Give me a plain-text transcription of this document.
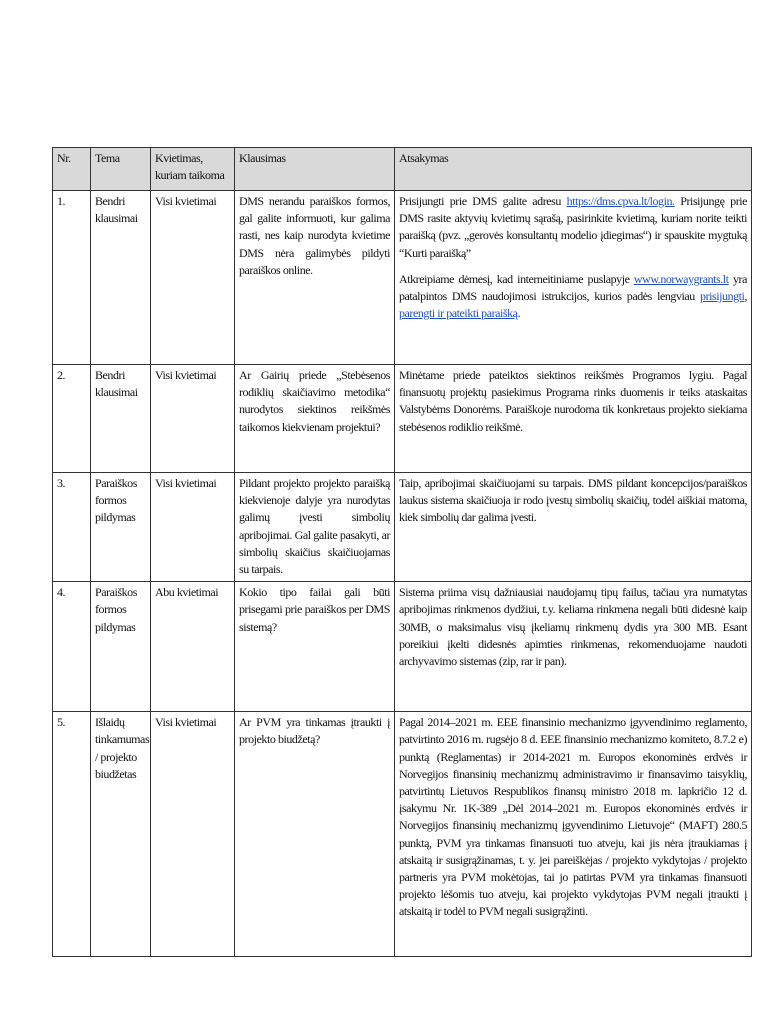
Nr.	Tema	Kvietimas, kuriam taikoma	Klausimas	Atsakymas
1.	Bendri klausimai	Visi kvietimai	DMS nerandu paraiškos formos, gal galite informuoti, kur galima rasti, nes kaip nurodyta kvietime DMS nėra galimybės pildyti paraiškos online.	Prisijungti prie DMS galite adresu https://dms.cpva.lt/login. Prisijungę prie DMS rasite aktyvių kvietimų sąrašą, pasirinkite kvietimą, kuriam norite teikti paraišką (pvz. „gerovės konsultantų modelio įdiegimas“) ir spauskite mygtuką “Kurti paraišką”
Atkreipiame dėmesį, kad interneitiniame puslapyje www.norwaygrants.lt yra patalpintos DMS naudojimosi istrukcijos, kurios padės lengviau prisijungti, parengti ir pateikti paraišką.

2.	Bendri klausimai	Visi kvietimai	Ar Gairių priede „Stebėsenos rodiklių skaičiavimo metodika“ nurodytos siektinos reikšmės taikomos kiekvienam projektui?	Minėtame priede pateiktos siektinos reikšmės Programos lygiu. Pagal finansuotų projektų pasiekimus Programa rinks duomenis ir teiks ataskaitas Valstybėms Donorėms. Paraiškoje nurodoma tik konkretaus projekto siekiama stebėsenos rodiklio reikšmė.
3.	Paraiškos formos pildymas	Visi kvietimai	Pildant projekto projekto paraišką kiekvienoje dalyje yra nurodytas galimų įvesti simbolių apribojimai. Gal galite pasakyti, ar simbolių skaičius skaičiuojamas su tarpais.	Taip, apribojimai skaičiuojami su tarpais. DMS pildant koncepcijos/paraiškos laukus sistema skaičiuoja ir rodo įvestų simbolių skaičių, todėl aiškiai matoma, kiek simbolių dar galima įvesti.
4.	Paraiškos formos pildymas	Abu kvietimai	Kokio tipo failai gali būti prisegami prie paraiškos per DMS sistemą?	Sistema priima visų dažniausiai naudojamų tipų failus, tačiau yra numatytas apribojimas rinkmenos dydžiui, t.y. keliama rinkmena negali būti didesnė kaip 30MB, o maksimalus visų įkeliamų rinkmenų dydis yra 300 MB. Esant poreikiui įkelti didesnės apimties rinkmenas, rekomenduojame naudoti archyvavimo sistemas (zip, rar ir pan).
5.	Išlaidų tinkamumas / projekto biudžetas	Visi kvietimai	Ar PVM yra tinkamas įtraukti į projekto biudžetą?	Pagal 2014–2021 m. EEE finansinio mechanizmo įgyvendinimo reglamento, patvirtinto 2016 m. rugsėjo 8 d. EEE finansinio mechanizmo komiteto, 8.7.2 e) punktą (Reglamentas) ir 2014-2021 m. Europos ekonominės erdvės ir Norvegijos finansinių mechanizmų administravimo ir finansavimo taisyklių, patvirtintų Lietuvos Respublikos finansų ministro 2018 m. lapkričio 12 d. įsakymu Nr. 1K-389 „Dėl 2014–2021 m. Europos ekonominės erdvės ir Norvegijos finansinių mechanizmų įgyvendinimo Lietuvoje“ (MAFT) 280.5 punktą, PVM yra tinkamas finansuoti tuo atveju, kai jis nėra įtraukiamas į atskaitą ir susigrąžinamas, t. y. jei pareiškėjas / projekto vykdytojas / projekto partneris yra PVM mokėtojas, tai jo patirtas PVM yra tinkamas finansuoti projekto lėšomis tuo atveju, kai projekto vykdytojas PVM negali įtraukti į atskaitą ir todėl to PVM negali susigrąžinti.
